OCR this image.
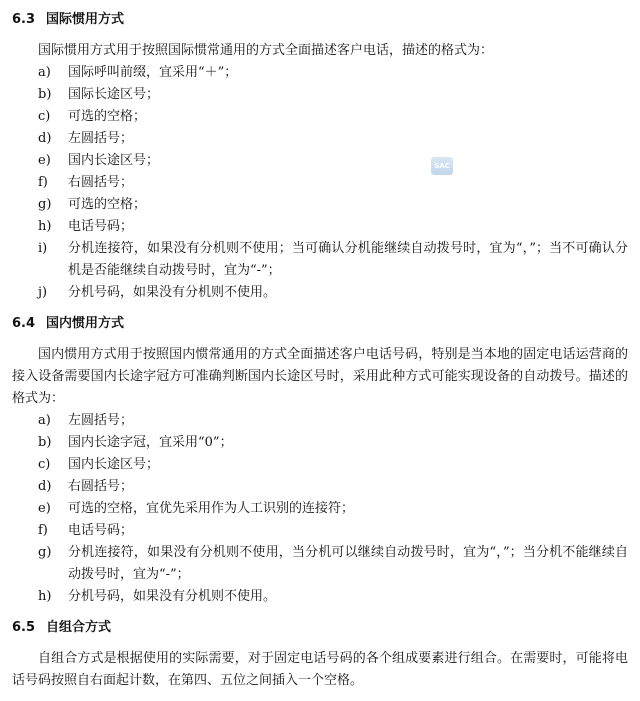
6.3 国际惯用方式
国际惯用方式用于按照国际惯常通用的方式全面描述客户电话，描述的格式为：
a) 国际呼叫前缀，宜采用“＋”；
b) 国际长途区号；
c) 可选的空格；
d) 左圆括号；
e) 国内长途区号；
f) 右圆括号；
g) 可选的空格；
h) 电话号码；
i) 分机连接符，如果没有分机则不使用；当可确认分机能继续自动拨号时，宜为“，”；当不可确认分机是否能继续自动拨号时，宜为“-”；
j) 分机号码，如果没有分机则不使用。
6.4 国内惯用方式
国内惯用方式用于按照国内惯常通用的方式全面描述客户电话号码，特别是当本地的固定电话运营商的接入设备需要国内长途字冠方可准确判断国内长途区号时，采用此种方式可能实现设备的自动拨号。描述的格式为：
a) 左圆括号；
b) 国内长途字冠，宜采用“0”；
c) 国内长途区号；
d) 右圆括号；
e) 可选的空格，宜优先采用作为人工识别的连接符；
f) 电话号码；
g) 分机连接符，如果没有分机则不使用，当分机可以继续自动拨号时，宜为“，”；当分机不能继续自动拨号时，宜为“-”；
h) 分机号码，如果没有分机则不使用。
6.5 自组合方式
自组合方式是根据使用的实际需要，对于固定电话号码的各个组成要素进行组合。在需要时，可能将电话号码按照自右面起计数，在第四、五位之间插入一个空格。
SAC
